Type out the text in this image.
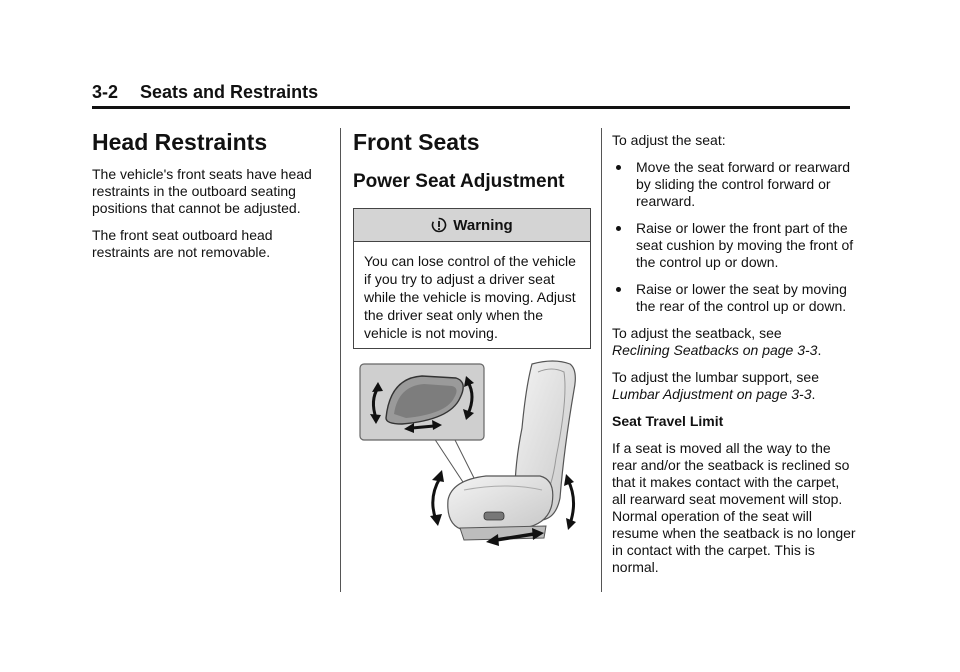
3-2 Seats and Restraints
Head Restraints

The vehicle's front seats have head restraints in the outboard seating positions that cannot be adjusted.

The front seat outboard head restraints are not removable.

Front Seats
Power Seat Adjustment
Warning

You can lose control of the vehicle if you try to adjust a driver seat while the vehicle is moving. Adjust the driver seat only when the vehicle is not moving.

To adjust the seat:

Move the seat forward or rearward by sliding the control forward or rearward.
Raise or lower the front part of the seat cushion by moving the front of the control up or down.
Raise or lower the seat by moving the rear of the control up or down.

To adjust the seatback, see
Reclining Seatbacks on page 3-3.

To adjust the lumbar support, see
Lumbar Adjustment on page 3-3.

Seat Travel Limit

If a seat is moved all the way to the rear and/or the seatback is reclined so that it makes contact with the carpet, all rearward seat movement will stop. Normal operation of the seat will resume when the seatback is no longer in contact with the carpet. This is normal.
